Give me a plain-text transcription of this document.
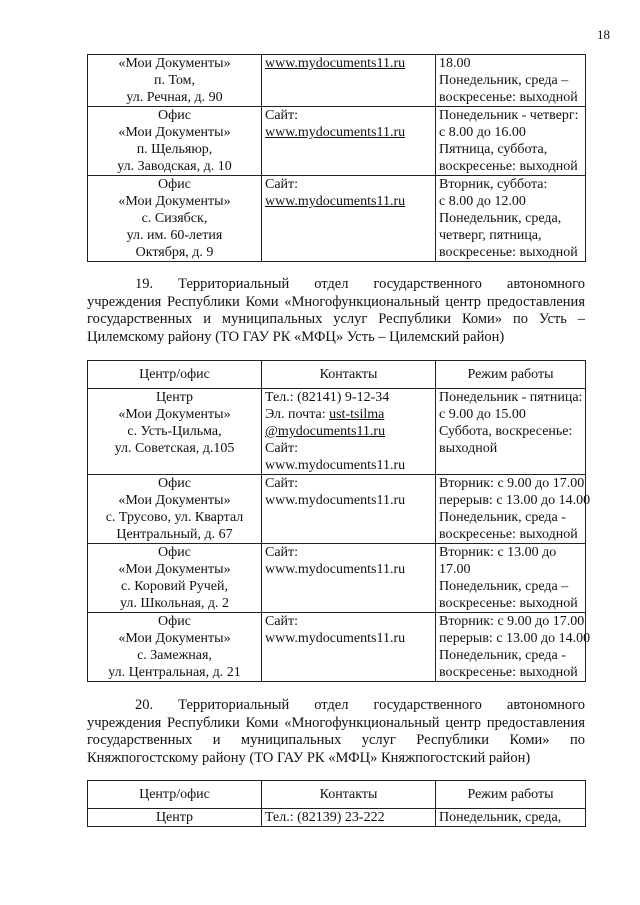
18
«Мои Документы»
п. Том,
ул. Речная, д. 90	www.mydocuments11.ru	18.00
Понедельник, среда –
воскресенье: выходной

Офис
«Мои Документы»
п. Щельяюр,
ул. Заводская, д. 10	Сайт:
www.mydocuments11.ru	Понедельник - четверг:
с 8.00 до 16.00
Пятница, суббота,
воскресенье: выходной

Офис
«Мои Документы»
с. Сизябск,
ул. им. 60-летия
Октября, д. 9	Сайт:
www.mydocuments11.ru	Вторник, суббота:
с 8.00 до 12.00
Понедельник, среда,
четверг, пятница,
воскресенье: выходной
19. Территориальный отдел государственного автономного
учреждения Республики Коми «Многофункциональный центр предоставления
государственных и муниципальных услуг Республики Коми» по Усть –
Цилемскому району (ТО ГАУ РК «МФЦ» Усть – Цилемский район)
Центр/офис	Контакты	Режим работы

Центр
«Мои Документы»
с. Усть-Цильма,
ул. Советская, д.105	Тел.: (82141) 9-12-34
Эл. почта: ust-tsilma
@mydocuments11.ru
Сайт:
www.mydocuments11.ru	Понедельник - пятница:
с 9.00 до 15.00
Суббота, воскресенье:
выходной

Офис
«Мои Документы»
с. Трусово, ул. Квартал
Центральный, д. 67	Сайт:
www.mydocuments11.ru	Вторник: с 9.00 до 17.00
перерыв: с 13.00 до 14.00
Понедельник, среда -
воскресенье: выходной

Офис
«Мои Документы»
с. Коровий Ручей,
ул. Школьная, д. 2	Сайт:
www.mydocuments11.ru	Вторник: с 13.00 до
17.00
Понедельник, среда –
воскресенье: выходной

Офис
«Мои Документы»
с. Замежная,
ул. Центральная, д. 21	Сайт:
www.mydocuments11.ru	Вторник: с 9.00 до 17.00
перерыв: с 13.00 до 14.00
Понедельник, среда -
воскресенье: выходной
20. Территориальный отдел государственного автономного
учреждения Республики Коми «Многофункциональный центр предоставления
государственных и муниципальных услуг Республики Коми» по
Княжпогостскому району (ТО ГАУ РК «МФЦ» Княжпогостский район)
Центр/офис	Контакты	Режим работы

Центр	Тел.: (82139) 23-222	Понедельник, среда,
